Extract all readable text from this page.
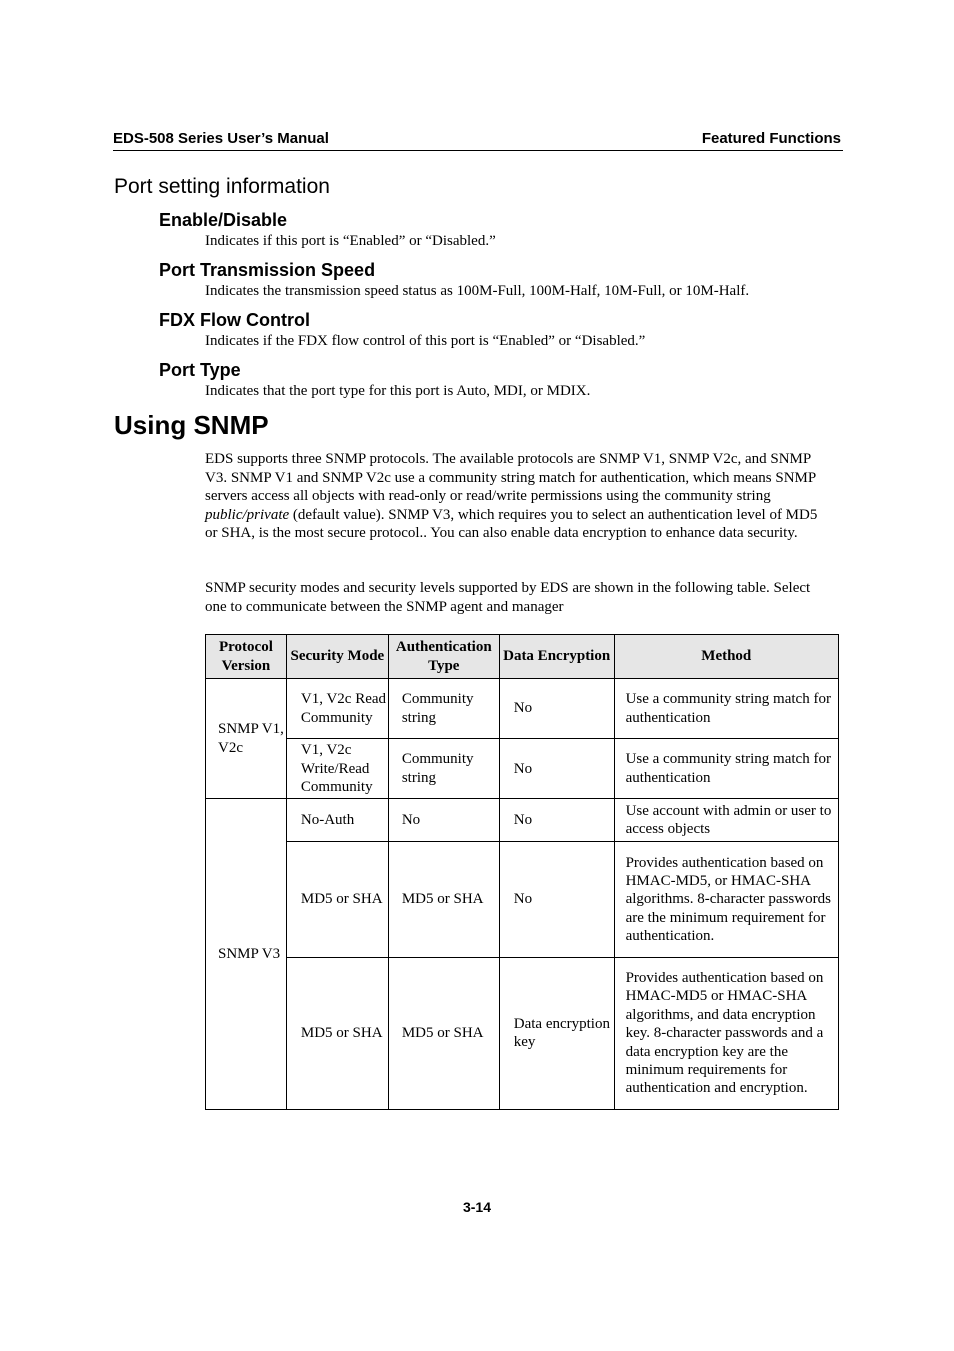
EDS-508 Series User’s Manual	Featured Functions
Port setting information
Enable/Disable
Indicates if this port is “Enabled” or “Disabled.”
Port Transmission Speed
Indicates the transmission speed status as 100M-Full, 100M-Half, 10M-Full, or 10M-Half.
FDX Flow Control
Indicates if the FDX flow control of this port is “Enabled” or “Disabled.”
Port Type
Indicates that the port type for this port is Auto, MDI, or MDIX.
Using SNMP
EDS supports three SNMP protocols. The available protocols are SNMP V1, SNMP V2c, and SNMP V3. SNMP V1 and SNMP V2c use a community string match for authentication, which means SNMP servers access all objects with read-only or read/write permissions using the community string public/private (default value). SNMP V3, which requires you to select an authentication level of MD5 or SHA, is the most secure protocol.. You can also enable data encryption to enhance data security.
SNMP security modes and security levels supported by EDS are shown in the following table. Select one to communicate between the SNMP agent and manager
Protocol Version	Security Mode	Authentication Type	Data Encryption	Method
SNMP V1, V2c	V1, V2c Read Community	Community string	No	Use a community string match for authentication
	V1, V2c Write/Read Community	Community string	No	Use a community string match for authentication
SNMP V3	No-Auth	No	No	Use account with admin or user to access objects
	MD5 or SHA	MD5 or SHA	No	Provides authentication based on HMAC-MD5, or HMAC-SHA algorithms. 8-character passwords are the minimum requirement for authentication.
	MD5 or SHA	MD5 or SHA	Data encryption key	Provides authentication based on HMAC-MD5 or HMAC-SHA algorithms, and data encryption key. 8-character passwords and a data encryption key are the minimum requirements for authentication and encryption.
3-14
